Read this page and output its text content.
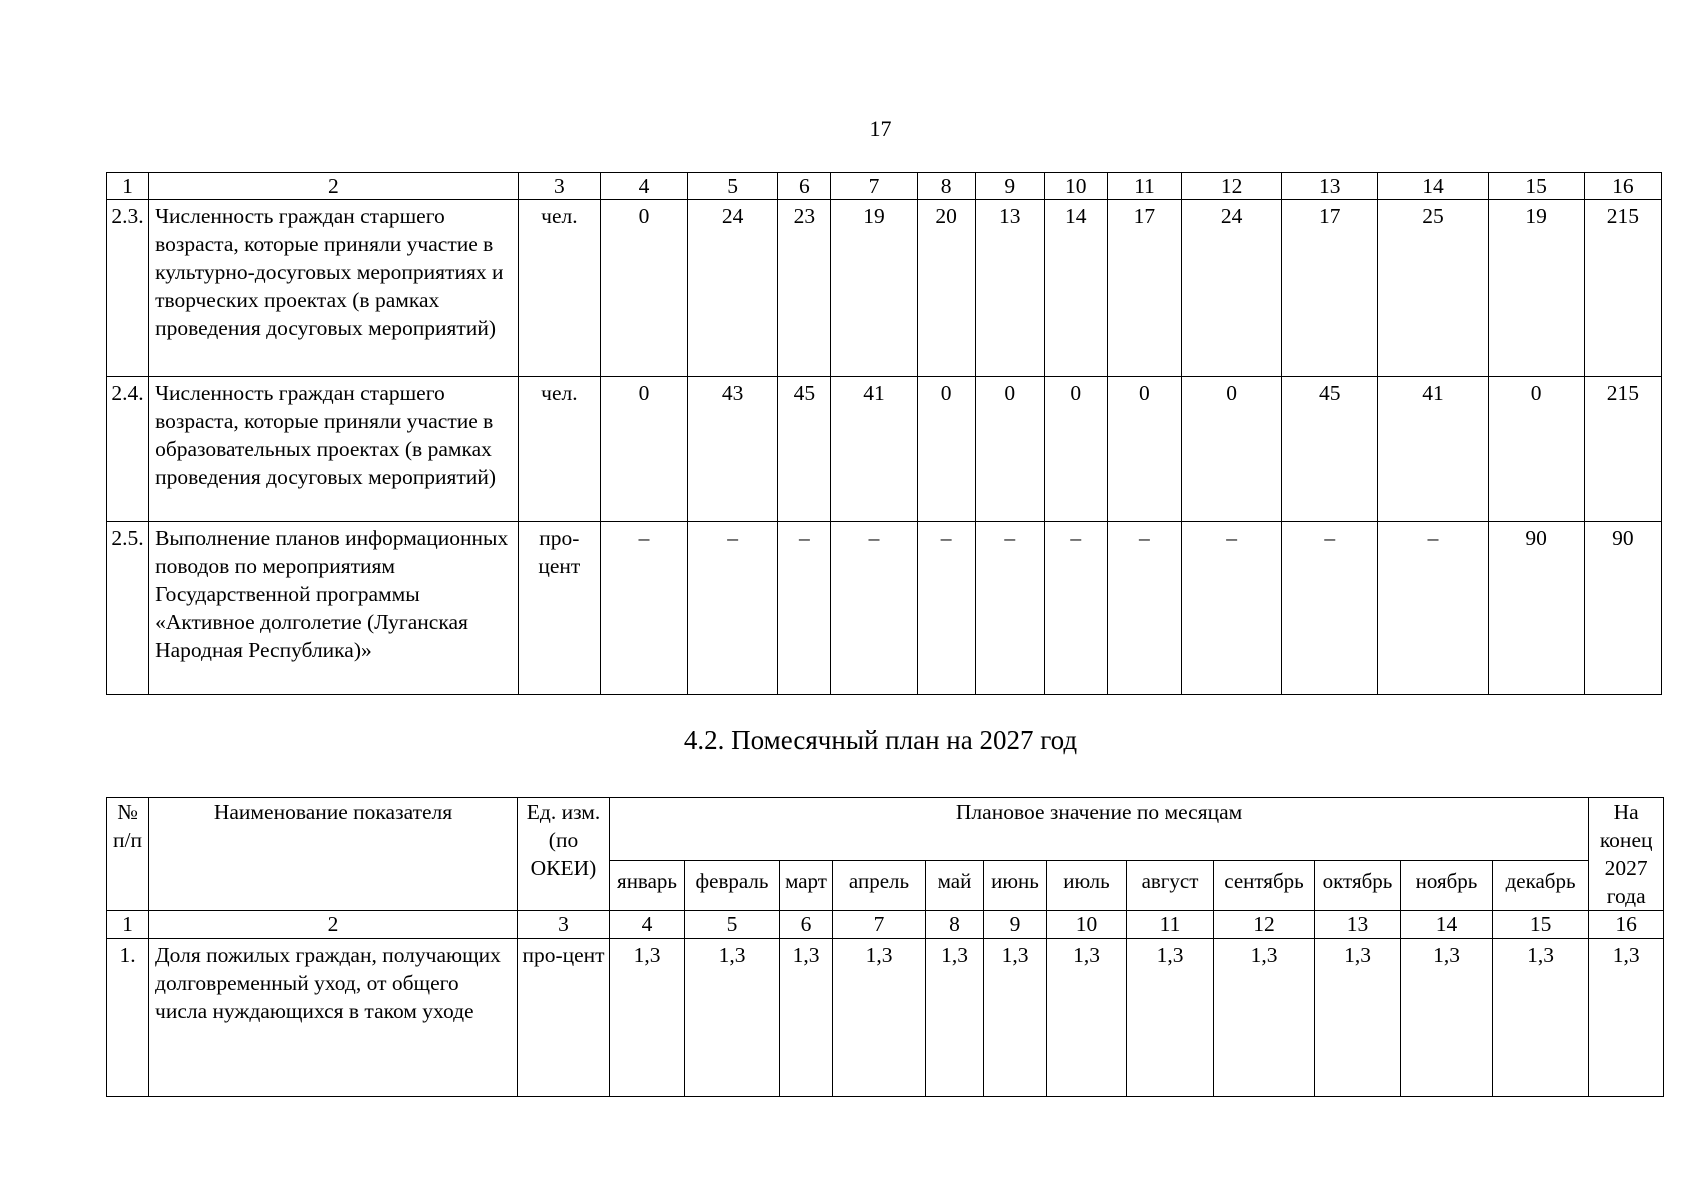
17
1	2	3	4	5	6	7	8	9	10	11	12	13	14	15	16
2.3.	Численность граждан старшего возраста, которые приняли участие в культурно-досуговых мероприятиях и творческих проектах (в рамках проведения досуговых мероприятий)	чел.	0	24	23	19	20	13	14	17	24	17	25	19	215
2.4.	Численность граждан старшего возраста, которые приняли участие в образовательных проектах (в рамках проведения досуговых мероприятий)	чел.	0	43	45	41	0	0	0	0	0	45	41	0	215
2.5.	Выполнение планов информационных поводов по мероприятиям Государственной программы «Активное долголетие (Луганская Народная Республика)»	про-цент	–	–	–	–	–	–	–	–	–	–	–	90	90
4.2. Помесячный план на 2027 год
№ п/п	Наименование показателя	Ед. изм. (по ОКЕИ)	Плановое значение по месяцам												На конец 2027 года
			январь	февраль	март	апрель	май	июнь	июль	август	сентябрь	октябрь	ноябрь	декабрь	
1	2	3	4	5	6	7	8	9	10	11	12	13	14	15	16
1.	Доля пожилых граждан, получающих долговременный уход, от общего числа нуждающихся в таком уходе	про-цент	1,3	1,3	1,3	1,3	1,3	1,3	1,3	1,3	1,3	1,3	1,3	1,3	1,3
